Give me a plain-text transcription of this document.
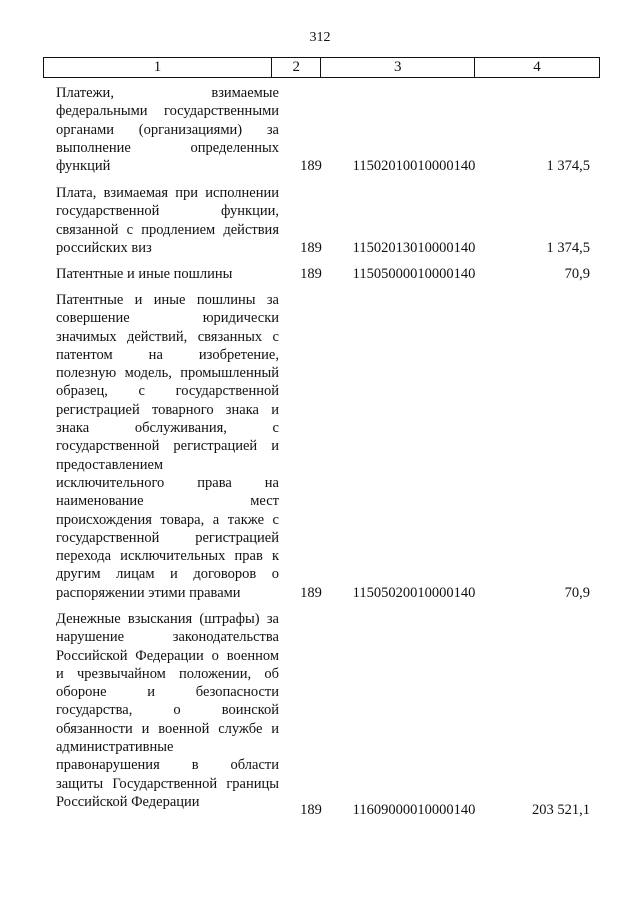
312
1	2	3	4
Платежи, взимаемые
федеральными государственными
органами (организациями) за
выполнение определенных
функций	189	11502010010000140	1 374,5
Плата, взимаемая при исполнении
государственной функции,
связанной с продлением действия
российских виз	189	11502013010000140	1 374,5
Патентные и иные пошлины	189	11505000010000140	70,9
Патентные и иные пошлины за
совершение юридически
значимых действий, связанных с
патентом на изобретение,
полезную модель, промышленный
образец, с государственной
регистрацией товарного знака и
знака обслуживания, с
государственной регистрацией и
предоставлением
исключительного права на
наименование мест
происхождения товара, а также с
государственной регистрацией
перехода исключительных прав к
другим лицам и договоров о
распоряжении этими правами	189	11505020010000140	70,9
Денежные взыскания (штрафы) за
нарушение законодательства
Российской Федерации о военном
и чрезвычайном положении, об
обороне и безопасности
государства, о воинской
обязанности и военной службе и
административные
правонарушения в области
защиты Государственной границы
Российской Федерации
189	11609000010000140	203 521,1
